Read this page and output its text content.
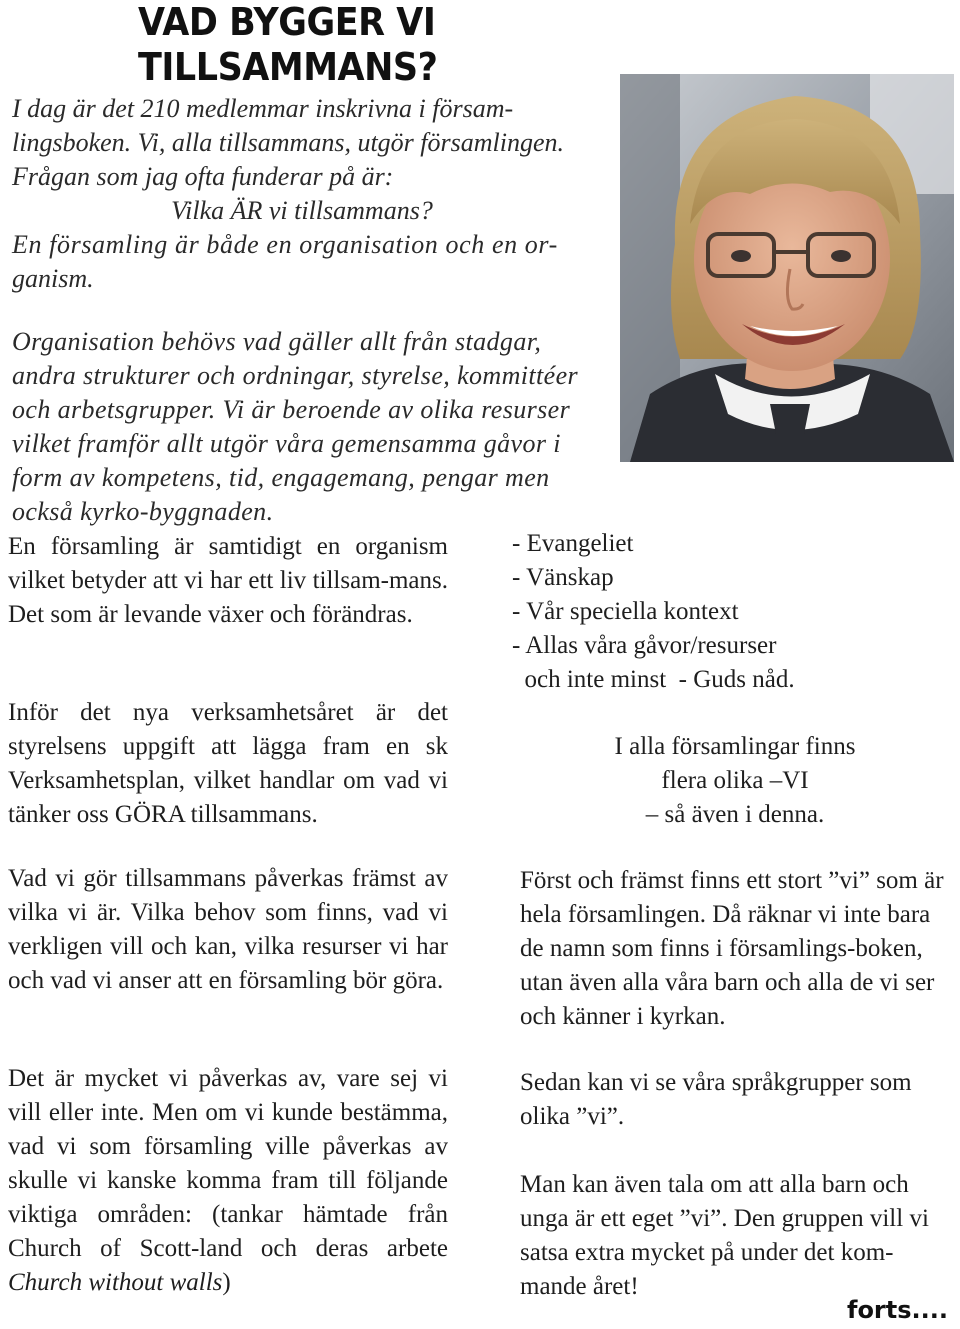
VAD BYGGER VI
TILLSAMMANS?
I dag är det 210 medlemmar inskrivna i försam-
lingsboken. Vi, alla tillsammans, utgör församlingen.
Frågan som jag ofta funderar på är:
Vilka ÄR vi tillsammans?
En församling är både en organisation och en or-
ganism.
Organisation behövs vad gäller allt från stadgar,
andra strukturer och ordningar, styrelse, kommittéer
och arbetsgrupper. Vi är beroende av olika resurser
vilket framför allt utgör våra gemensamma gåvor i
form av kompetens, tid, engagemang, pengar men
också kyrko-byggnaden.

En församling är samtidigt en organism vilket betyder att vi har ett liv tillsam-mans. Det som är levande växer och förändras.

Inför det nya verksamhetsåret är det styrelsens uppgift att lägga fram en sk Verksamhetsplan, vilket handlar om vad vi tänker oss GÖRA tillsammans.

Vad vi gör tillsammans påverkas främst av vilka vi är. Vilka behov som finns, vad vi verkligen vill och kan, vilka resurser vi har och vad vi anser att en församling bör göra.

Det är mycket vi påverkas av, vare sej vi vill eller inte. Men om vi kunde bestämma, vad vi som församling ville påverkas av skulle vi kanske komma fram till följande viktiga områden: (tankar hämtade från Church of Scott-land och deras arbete Church without walls)

- Evangeliet
- Vänskap
- Vår speciella kontext
- Allas våra gåvor/resurser
och inte minst  - Guds nåd.
I alla församlingar finns
flera olika –VI
– så även i denna.

Först och främst finns ett stort ”vi” som är hela församlingen. Då räknar vi inte bara de namn som finns i församlings-boken, utan även alla våra barn och alla de vi ser och känner i kyrkan.

Sedan kan vi se våra språkgrupper som olika ”vi”.

Man kan även tala om att alla barn och unga är ett eget ”vi”. Den gruppen vill vi satsa extra mycket på under det kom-mande året!

forts....
